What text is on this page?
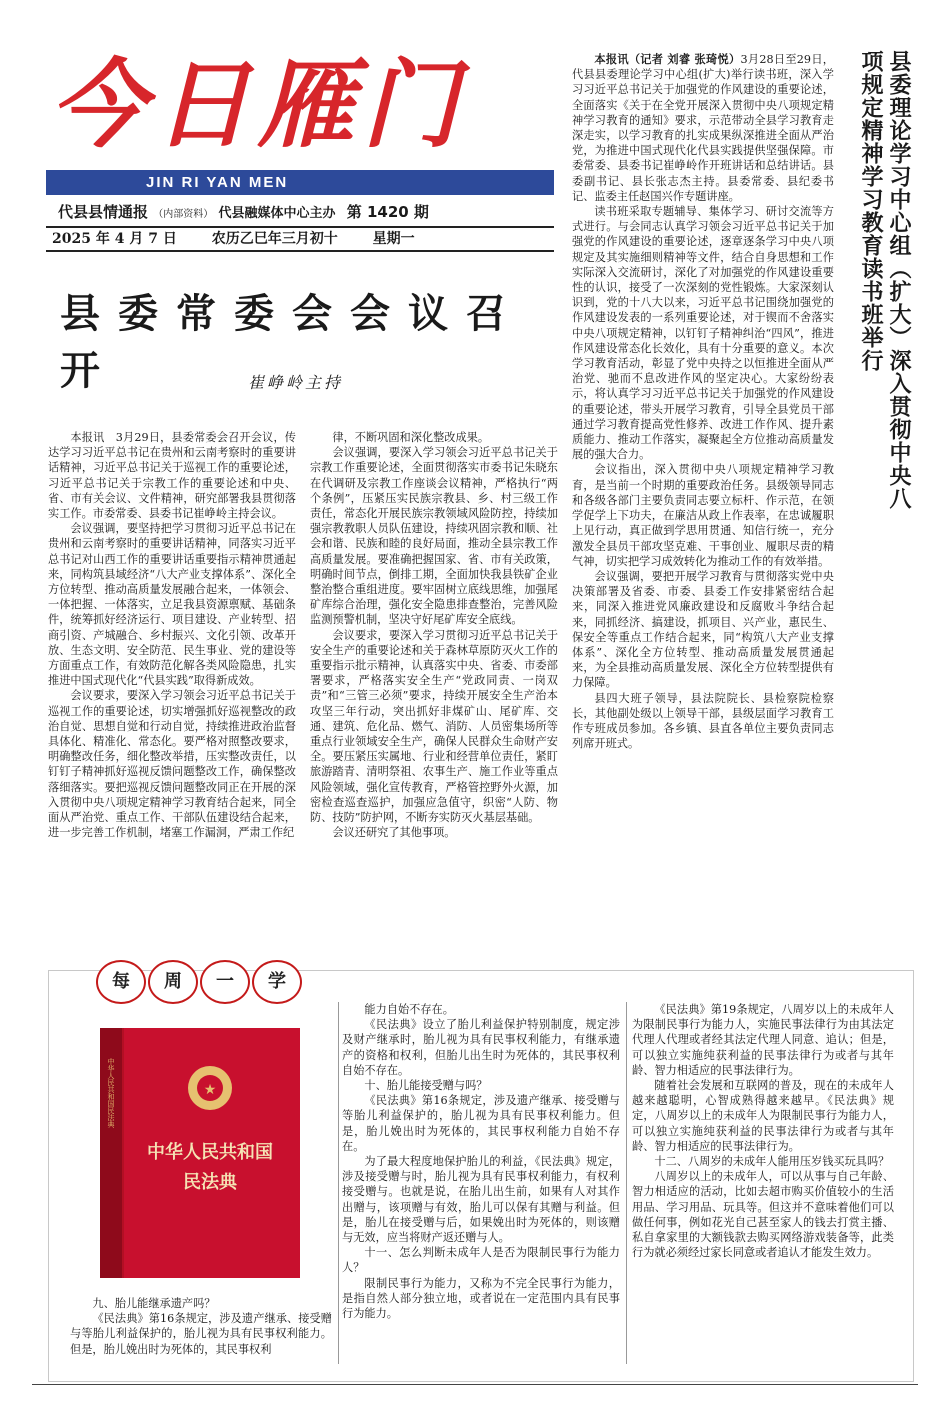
今日雁门
JIN RI YAN MEN
代县县情通报 （内部资料） 代县融媒体中心主办 第 1420 期
2025 年 4 月 7 日 农历乙巳年三月初十 星期一
县委常委会会议召开	崔峥岭主持

本报讯　3月29日，县委常委会召开会议，传达学习习近平总书记在贵州和云南考察时的重要讲话精神，习近平总书记关于巡视工作的重要论述，习近平总书记关于宗教工作的重要论述和中央、省、市有关会议、文件精神，研究部署我县贯彻落实工作。市委常委、县委书记崔峥岭主持会议。

会议强调，要坚持把学习贯彻习近平总书记在贵州和云南考察时的重要讲话精神，同落实习近平总书记对山西工作的重要讲话重要指示精神贯通起来，同构筑县域经济“八大产业支撑体系”、深化全方位转型、推动高质量发展融合起来，一体领会、一体把握、一体落实，立足我县资源禀赋、基础条件，统筹抓好经济运行、项目建设、产业转型、招商引资、产城融合、乡村振兴、文化引领、改革开放、生态文明、安全防范、民生事业、党的建设等方面重点工作，有效防范化解各类风险隐患，扎实推进中国式现代化“代县实践”取得新成效。

会议要求，要深入学习领会习近平总书记关于巡视工作的重要论述，切实增强抓好巡视整改的政治自觉、思想自觉和行动自觉，持续推进政治监督具体化、精准化、常态化。要严格对照整改要求，明确整改任务，细化整改举措，压实整改责任，以钉钉子精神抓好巡视反馈问题整改工作，确保整改落细落实。要把巡视反馈问题整改同正在开展的深入贯彻中央八项规定精神学习教育结合起来，同全面从严治党、重点工作、干部队伍建设结合起来，进一步完善工作机制，堵塞工作漏洞，严肃工作纪

律，不断巩固和深化整改成果。

会议强调，要深入学习领会习近平总书记关于宗教工作重要论述，全面贯彻落实市委书记朱晓东在代调研及宗教工作座谈会议精神，严格执行“两个条例”，压紧压实民族宗教县、乡、村三级工作责任，常态化开展民族宗教领域风险防控，持续加强宗教教职人员队伍建设，持续巩固宗教和顺、社会和谐、民族和睦的良好局面，推动全县宗教工作高质量发展。要准确把握国家、省、市有关政策，明确时间节点，倒排工期，全面加快我县铁矿企业整治整合重组进度。要牢固树立底线思维，加强尾矿库综合治理，强化安全隐患排查整治，完善风险监测预警机制，坚决守好尾矿库安全底线。

会议要求，要深入学习贯彻习近平总书记关于安全生产的重要论述和关于森林草原防灭火工作的重要指示批示精神，认真落实中央、省委、市委部署要求，严格落实安全生产“党政同责、一岗双责”和“三管三必须”要求，持续开展安全生产治本攻坚三年行动，突出抓好非煤矿山、尾矿库、交通、建筑、危化品、燃气、消防、人员密集场所等重点行业领域安全生产，确保人民群众生命财产安全。要压紧压实属地、行业和经营单位责任，紧盯旅游踏青、清明祭祖、农事生产、施工作业等重点风险领域，强化宣传教育，严格管控野外火源，加密检查巡查巡护，加强应急值守，织密“人防、物防、技防”防护网，不断夯实防灭火基层基础。

会议还研究了其他事项。

县委理论学习中心组（扩大）深入贯彻中央八项规定精神学习教育读书班举行

本报讯（记者 刘睿 张琦悦）3月28日至29日，代县县委理论学习中心组(扩大)举行读书班，深入学习习近平总书记关于加强党的作风建设的重要论述，全面落实《关于在全党开展深入贯彻中央八项规定精神学习教育的通知》要求，示范带动全县学习教育走深走实，以学习教育的扎实成果纵深推进全面从严治党，为推进中国式现代化代县实践提供坚强保障。市委常委、县委书记崔峥岭作开班讲话和总结讲话。县委副书记、县长张志杰主持。县委常委、县纪委书记、监委主任赵国兴作专题讲座。

读书班采取专题辅导、集体学习、研讨交流等方式进行。与会同志认真学习领会习近平总书记关于加强党的作风建设的重要论述，逐章逐条学习中央八项规定及其实施细则精神等文件，结合自身思想和工作实际深入交流研讨，深化了对加强党的作风建设重要性的认识，接受了一次深刻的党性锻炼。大家深刻认识到，党的十八大以来，习近平总书记围绕加强党的作风建设发表的一系列重要论述，对于锲而不舍落实中央八项规定精神，以钉钉子精神纠治“四风”，推进作风建设常态化长效化，具有十分重要的意义。本次学习教育活动，彰显了党中央持之以恒推进全面从严治党、驰而不息改进作风的坚定决心。大家纷纷表示，将认真学习习近平总书记关于加强党的作风建设的重要论述，带头开展学习教育，引导全县党员干部通过学习教育提高党性修养、改进工作作风、提升素质能力、推动工作落实，凝聚起全方位推动高质量发展的强大合力。

会议指出，深入贯彻中央八项规定精神学习教育，是当前一个时期的重要政治任务。县级领导同志和各级各部门主要负责同志要立标杆、作示范，在领学促学上下功夫，在廉洁从政上作表率，在忠诚履职上见行动，真正做到学思用贯通、知信行统一，充分激发全县员干部攻坚克难、干事创业、履职尽责的精气神，切实把学习成效转化为推动工作的有效举措。

会议强调，要把开展学习教育与贯彻落实党中央决策部署及省委、市委、县委工作安排紧密结合起来，同深入推进党风廉政建设和反腐败斗争结合起来，同抓经济、搞建设，抓项目、兴产业，惠民生、保安全等重点工作结合起来，同“构筑八大产业支撑体系”、深化全方位转型、推动高质量发展贯通起来，为全县推动高质量发展、深化全方位转型提供有力保障。

县四大班子领导，县法院院长、县检察院检察长，其他副处级以上领导干部，县级层面学习教育工作专班成员参加。各乡镇、县直各单位主要负责同志列席开班式。

每	周	一	学
★
中华人民共和国
民法典
中华人民共和国民法典

九、胎儿能继承遗产吗？

《民法典》第16条规定，涉及遗产继承、接受赠与等胎儿利益保护的，胎儿视为具有民事权利能力。但是，胎儿娩出时为死体的，其民事权利

能力自始不存在。

《民法典》设立了胎儿利益保护特别制度，规定涉及财产继承时，胎儿视为具有民事权利能力，有继承遗产的资格和权利，但胎儿出生时为死体的，其民事权利自始不存在。

十、胎儿能接受赠与吗？

《民法典》第16条规定，涉及遗产继承、接受赠与等胎儿利益保护的，胎儿视为具有民事权利能力。但是，胎儿娩出时为死体的，其民事权利能力自始不存在。

为了最大程度地保护胎儿的利益，《民法典》规定，涉及接受赠与时，胎儿视为具有民事权利能力，有权利接受赠与。也就是说，在胎儿出生前，如果有人对其作出赠与，该项赠与有效，胎儿可以保有其赠与利益。但是，胎儿在接受赠与后，如果娩出时为死体的，则该赠与无效，应当将财产返还赠与人。

十一、怎么判断未成年人是否为限制民事行为能力人？

限制民事行为能力，又称为不完全民事行为能力，是指自然人部分独立地，或者说在一定范围内具有民事行为能力。

《民法典》第19条规定，八周岁以上的未成年人为限制民事行为能力人，实施民事法律行为由其法定代理人代理或者经其法定代理人同意、追认；但是，可以独立实施纯获利益的民事法律行为或者与其年龄、智力相适应的民事法律行为。

随着社会发展和互联网的普及，现在的未成年人越来越聪明，心智成熟得越来越早。《民法典》规定，八周岁以上的未成年人为限制民事行为能力人，可以独立实施纯获利益的民事法律行为或者与其年龄、智力相适应的民事法律行为。

十二、八周岁的未成年人能用压岁钱买玩具吗？

八周岁以上的未成年人，可以从事与自己年龄、智力相适应的活动，比如去超市购买价值较小的生活用品、学习用品、玩具等。但这并不意味着他们可以做任何事，例如花光自己甚至家人的钱去打赏主播、私自拿家里的大额钱款去购买网络游戏装备等，此类行为就必须经过家长同意或者追认才能发生效力。
